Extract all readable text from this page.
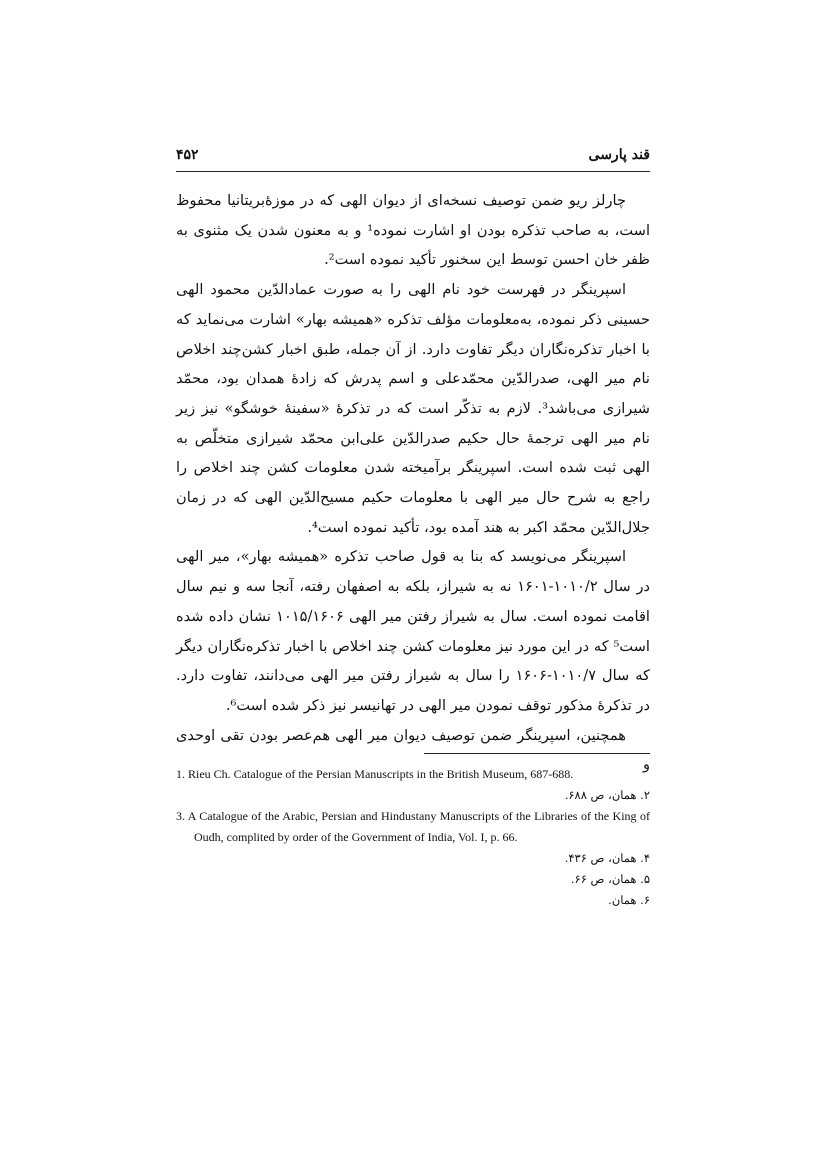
قند پارسی
۴۵۲

چارلز ریو ضمن توصیف نسخه‌ای از دیوان الهی که در موزهٔ‌بریتانیا محفوظ است، به صاحب تذکره بودن او اشارت نموده¹ و به معنون شدن یک مثنوی به ظفر خان احسن توسط این سخنور تأکید نموده است².

اسپرینگر در فهرست خود نام الهی را به صورت عمادالدّین محمود الهی حسینی ذکر نموده، به‌معلومات مؤلف تذکره «همیشه بهار» اشارت می‌نماید که با اخبار تذکره‌نگاران دیگر تفاوت دارد. از آن جمله، طبق اخبار کشن‌چند اخلاص نام میر الهی، صدرالدّین محمّدعلی و اسم پدرش که زادهٔ همدان بود، محمّد شیرازی می‌باشد³. لازم به تذکّر است که در تذکرهٔ «سفینهٔ خوشگو» نیز زیر نام میر الهی ترجمهٔ حال حکیم صدرالدّین علی‌ابن محمّد شیرازی متخلّص به الهی ثبت شده است. اسپرینگر برآمیخته شدن معلومات کشن چند اخلاص را راجع به شرح حال میر الهی با معلومات حکیم مسیح‌الدّین الهی که در زمان جلال‌الدّین محمّد اکبر به هند آمده بود، تأکید نموده است⁴.

اسپرینگر می‌نویسد که بنا به قول صاحب تذکره «همیشه بهار»، میر الهی در سال ۱۰۱۰/۲-۱۶۰۱ نه به شیراز، بلکه به اصفهان رفته، آنجا سه و نیم سال اقامت نموده است. سال به شیراز رفتن میر الهی ۱۰۱۵/۱۶۰۶ نشان داده شده است⁵ که در این مورد نیز معلومات کشن چند اخلاص با اخبار تذکره‌نگاران دیگر که سال ۱۰۱۰/۷-۱۶۰۶ را سال به شیراز رفتن میر الهی می‌دانند، تفاوت دارد. در تذکرهٔ مذکور توقف نمودن میر الهی در تهانیسر نیز ذکر شده است⁶.

همچنین، اسپرینگر ضمن توصیف دیوان میر الهی هم‌عصر بودن تقی اوحدی و

1. Rieu Ch. Catalogue of the Persian Manuscripts in the British Museum, 687-688.

۲. همان، ص ۶۸۸.

3. A Catalogue of the Arabic, Persian and Hindustany Manuscripts of the Libraries of the King of Oudh, complited by order of the Government of India, Vol. I, p. 66.

۴. همان، ص ۴۳۶.

۵. همان، ص ۶۶.

۶. همان.
